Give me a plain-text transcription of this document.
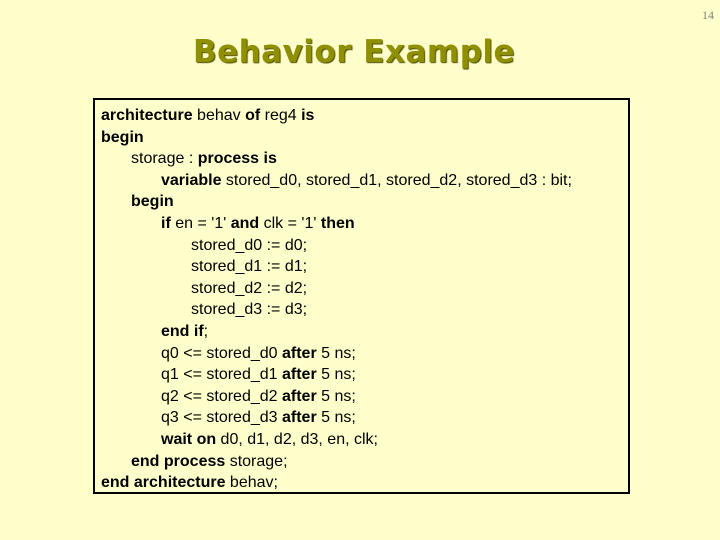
14
Behavior Example
architecture behav of reg4 is
begin
storage : process is
variable stored_d0, stored_d1, stored_d2, stored_d3 : bit;
begin
if en = '1' and clk = '1' then
stored_d0 := d0;
stored_d1 := d1;
stored_d2 := d2;
stored_d3 := d3;
end if;
q0 <= stored_d0 after 5 ns;
q1 <= stored_d1 after 5 ns;
q2 <= stored_d2 after 5 ns;
q3 <= stored_d3 after 5 ns;
wait on d0, d1, d2, d3, en, clk;
end process storage;
end architecture behav;
